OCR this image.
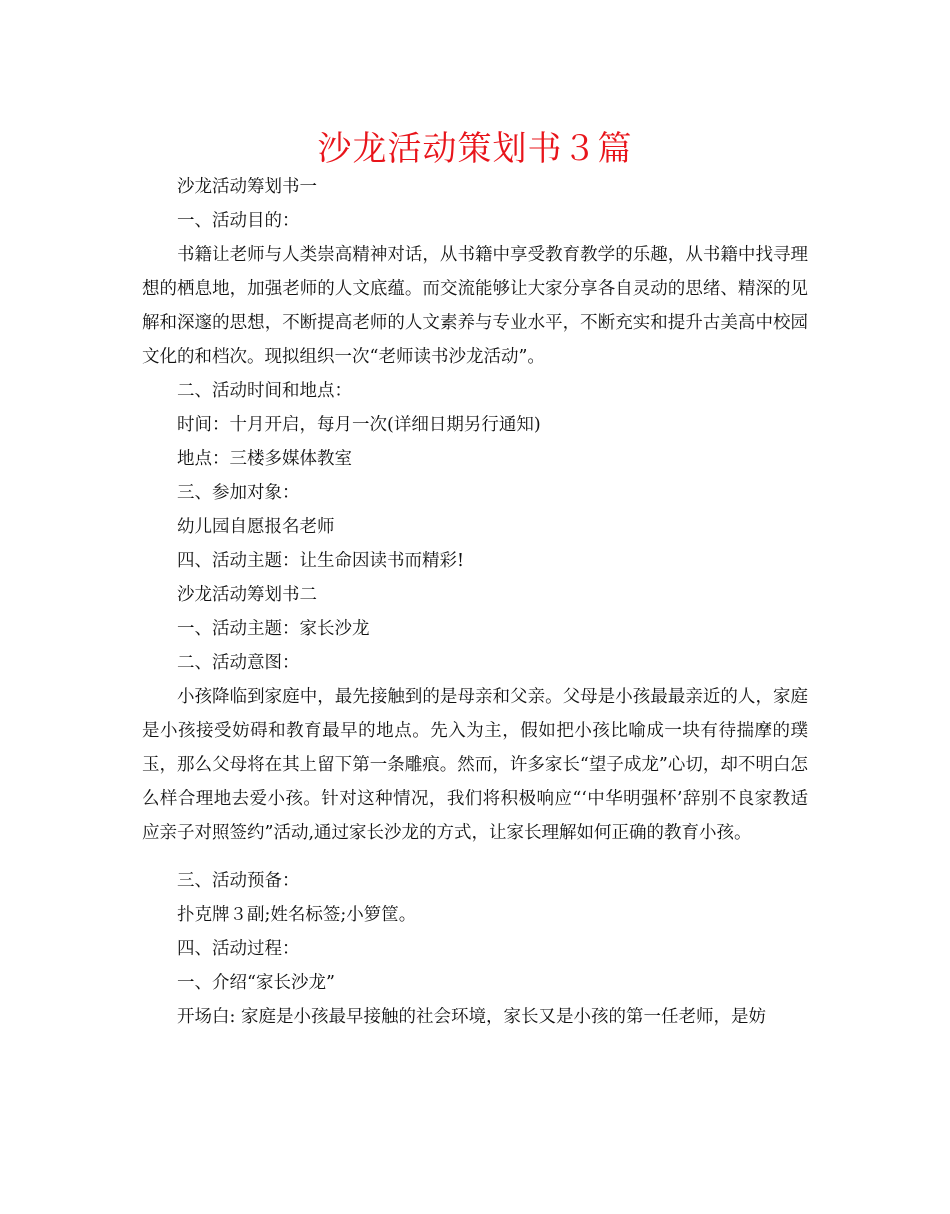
沙龙活动策划书３篇

沙龙活动筹划书一

一、活动目的：

书籍让老师与人类崇高精神对话，从书籍中享受教育教学的乐趣，从书籍中找寻理想的栖息地，加强老师的人文底蕴。而交流能够让大家分享各自灵动的思绪、精深的见解和深邃的思想，不断提高老师的人文素养与专业水平，不断充实和提升古美高中校园文化的和档次。现拟组织一次“老师读书沙龙活动”。

二、活动时间和地点：

时间：十月开启，每月一次(详细日期另行通知)

地点：三楼多媒体教室

三、参加对象：

幼儿园自愿报名老师

四、活动主题：让生命因读书而精彩!

沙龙活动筹划书二

一、活动主题：家长沙龙

二、活动意图：

小孩降临到家庭中，最先接触到的是母亲和父亲。父母是小孩最最亲近的人，家庭是小孩接受妨碍和教育最早的地点。先入为主，假如把小孩比喻成一块有待揣摩的璞玉，那么父母将在其上留下第一条雕痕。然而，许多家长“望子成龙”心切，却不明白怎么样合理地去爱小孩。针对这种情况，我们将积极响应“‘中华明强杯’辞别不良家教适应亲子对照签约”活动,通过家长沙龙的方式，让家长理解如何正确的教育小孩。

三、活动预备：

扑克牌３副;姓名标签;小箩筐。

四、活动过程：

一、介绍“家长沙龙”

开场白: 家庭是小孩最早接触的社会环境，家长又是小孩的第一任老师，是妨
